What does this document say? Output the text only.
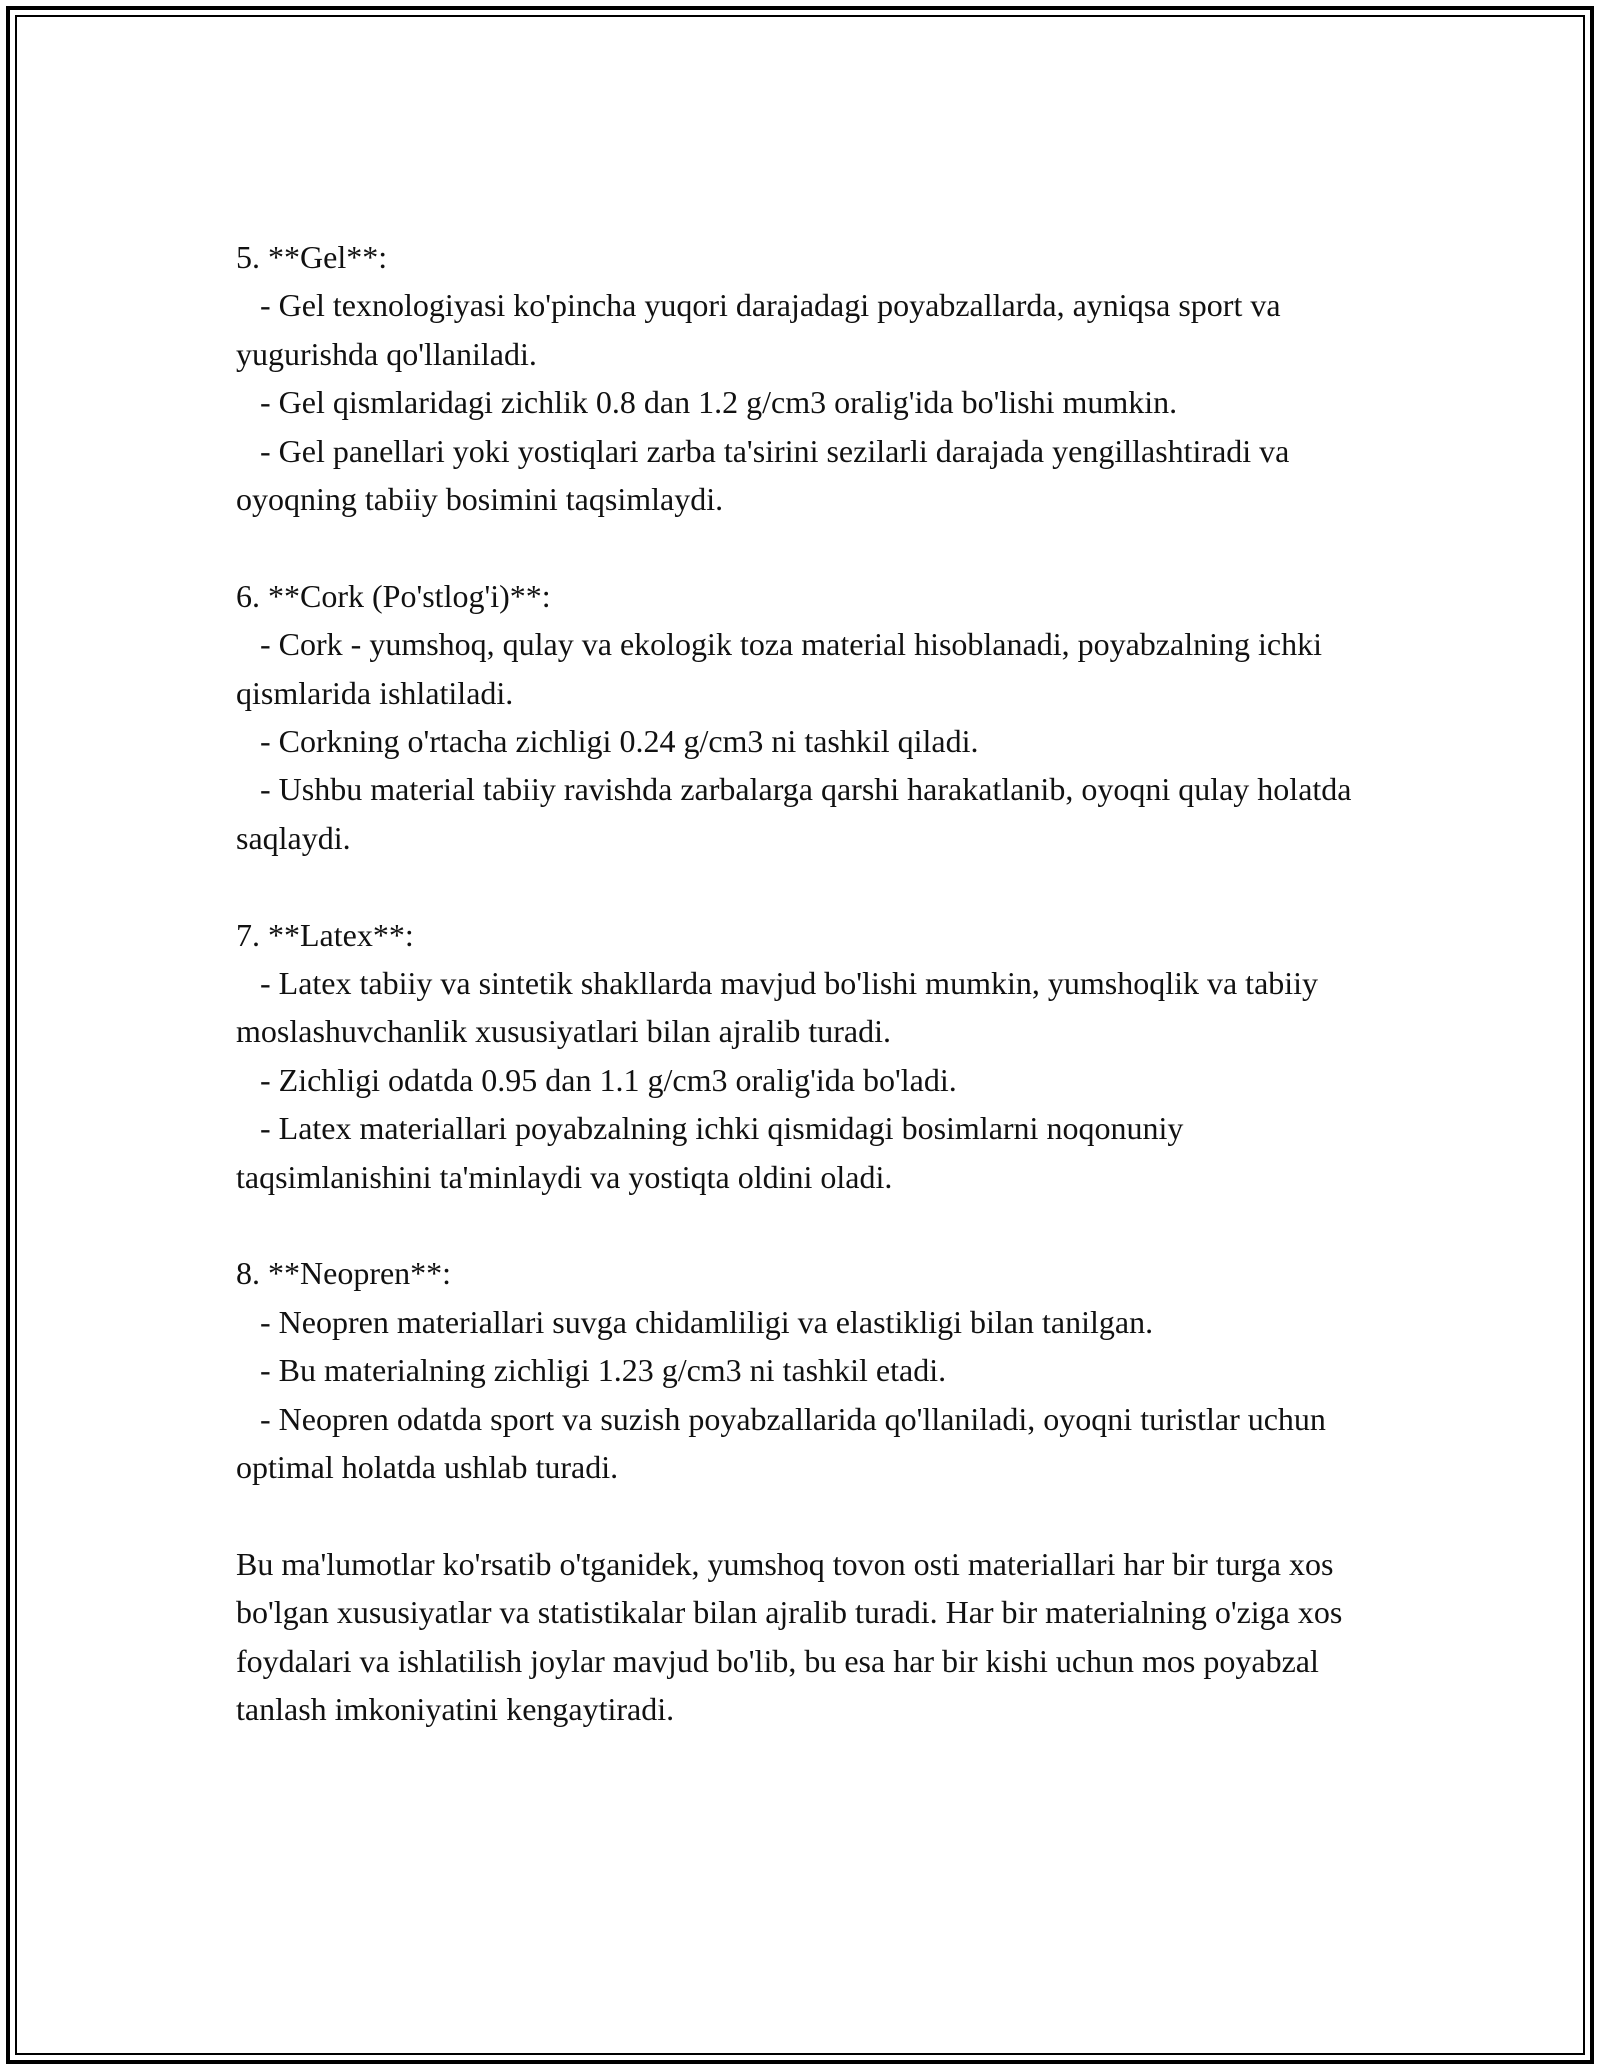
5. **Gel**:

- Gel texnologiyasi ko'pincha yuqori darajadagi poyabzallarda, ayniqsa sport va yugurishda qo'llaniladi.

- Gel qismlaridagi zichlik 0.8 dan 1.2 g/cm3 oralig'ida bo'lishi mumkin.

- Gel panellari yoki yostiqlari zarba ta'sirini sezilarli darajada yengillashtiradi va oyoqning tabiiy bosimini taqsimlaydi.

6. **Cork (Po'stlog'i)**:

- Cork - yumshoq, qulay va ekologik toza material hisoblanadi, poyabzalning ichki qismlarida ishlatiladi.

- Corkning o'rtacha zichligi 0.24 g/cm3 ni tashkil qiladi.

- Ushbu material tabiiy ravishda zarbalarga qarshi harakatlanib, oyoqni qulay holatda saqlaydi.

7. **Latex**:

- Latex tabiiy va sintetik shakllarda mavjud bo'lishi mumkin, yumshoqlik va tabiiy moslashuvchanlik xususiyatlari bilan ajralib turadi.

- Zichligi odatda 0.95 dan 1.1 g/cm3 oralig'ida bo'ladi.

- Latex materiallari poyabzalning ichki qismidagi bosimlarni noqonuniy taqsimlanishini ta'minlaydi va yostiqta oldini oladi.

8. **Neopren**:

- Neopren materiallari suvga chidamliligi va elastikligi bilan tanilgan.

- Bu materialning zichligi 1.23 g/cm3 ni tashkil etadi.

- Neopren odatda sport va suzish poyabzallarida qo'llaniladi, oyoqni turistlar uchun optimal holatda ushlab turadi.

Bu ma'lumotlar ko'rsatib o'tganidek, yumshoq tovon osti materiallari har bir turga xos bo'lgan xususiyatlar va statistikalar bilan ajralib turadi. Har bir materialning o'ziga xos foydalari va ishlatilish joylar mavjud bo'lib, bu esa har bir kishi uchun mos poyabzal tanlash imkoniyatini kengaytiradi.
